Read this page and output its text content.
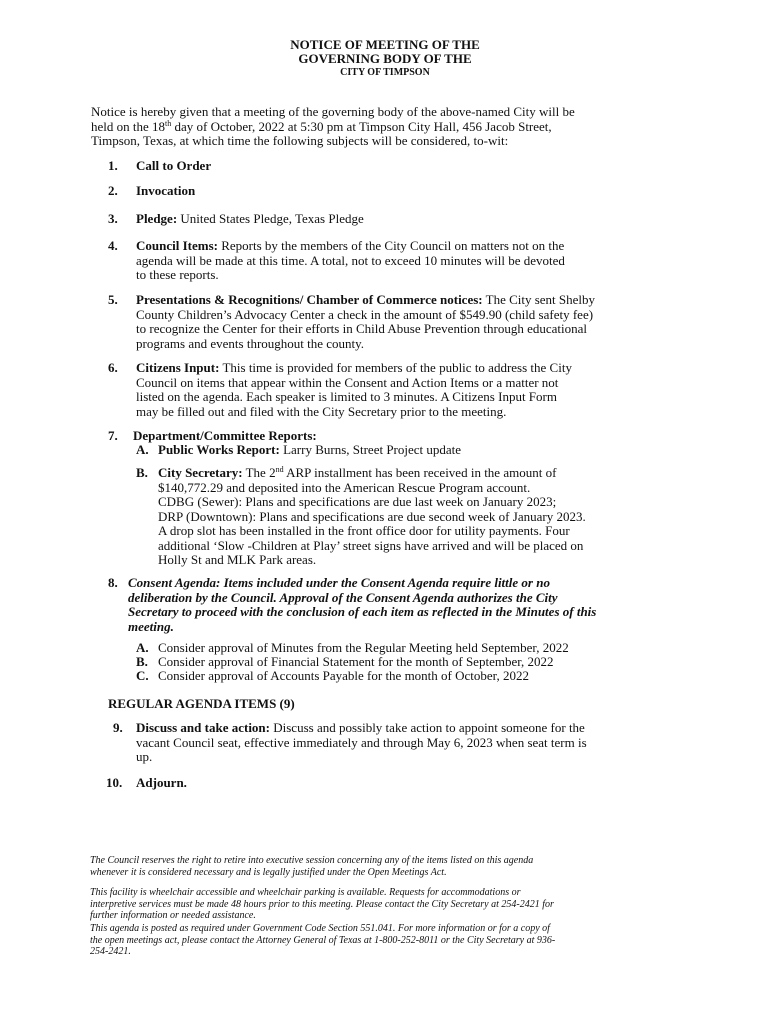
NOTICE OF MEETING OF THE
GOVERNING BODY OF THE
CITY OF TIMPSON
Notice is hereby given that a meeting of the governing body of the above-named City will be
held on the 18th day of October, 2022 at 5:30 pm at Timpson City Hall, 456 Jacob Street,
Timpson, Texas, at which time the following subjects will be considered, to-wit:
1. Call to Order
2. Invocation
3. Pledge: United States Pledge, Texas Pledge
4. Council Items: Reports by the members of the City Council on matters not on the
agenda will be made at this time. A total, not to exceed 10 minutes will be devoted
to these reports.
5. Presentations & Recognitions/ Chamber of Commerce notices: The City sent Shelby
County Children’s Advocacy Center a check in the amount of $549.90 (child safety fee)
to recognize the Center for their efforts in Child Abuse Prevention through educational
programs and events throughout the county.
6. Citizens Input: This time is provided for members of the public to address the City
Council on items that appear within the Consent and Action Items or a matter not
listed on the agenda. Each speaker is limited to 3 minutes. A Citizens Input Form
may be filled out and filed with the City Secretary prior to the meeting.
7. Department/Committee Reports:
A. Public Works Report: Larry Burns, Street Project update
B. City Secretary: The 2nd ARP installment has been received in the amount of
$140,772.29 and deposited into the American Rescue Program account.
CDBG (Sewer): Plans and specifications are due last week on January 2023;
DRP (Downtown): Plans and specifications are due second week of January 2023.
A drop slot has been installed in the front office door for utility payments. Four
additional ‘Slow -Children at Play’ street signs have arrived and will be placed on
Holly St and MLK Park areas.
8. Consent Agenda: Items included under the Consent Agenda require little or no
deliberation by the Council. Approval of the Consent Agenda authorizes the City
Secretary to proceed with the conclusion of each item as reflected in the Minutes of this
meeting.
A. Consider approval of Minutes from the Regular Meeting held September, 2022
B. Consider approval of Financial Statement for the month of September, 2022
C. Consider approval of Accounts Payable for the month of October, 2022
REGULAR AGENDA ITEMS (9)
9. Discuss and take action: Discuss and possibly take action to appoint someone for the
vacant Council seat, effective immediately and through May 6, 2023 when seat term is
up.
10. Adjourn.
The Council reserves the right to retire into executive session concerning any of the items listed on this agenda
whenever it is considered necessary and is legally justified under the Open Meetings Act.
This facility is wheelchair accessible and wheelchair parking is available. Requests for accommodations or
interpretive services must be made 48 hours prior to this meeting. Please contact the City Secretary at 254-2421 for
further information or needed assistance.
This agenda is posted as required under Government Code Section 551.041. For more information or for a copy of
the open meetings act, please contact the Attorney General of Texas at 1-800-252-8011 or the City Secretary at 936-
254-2421.
